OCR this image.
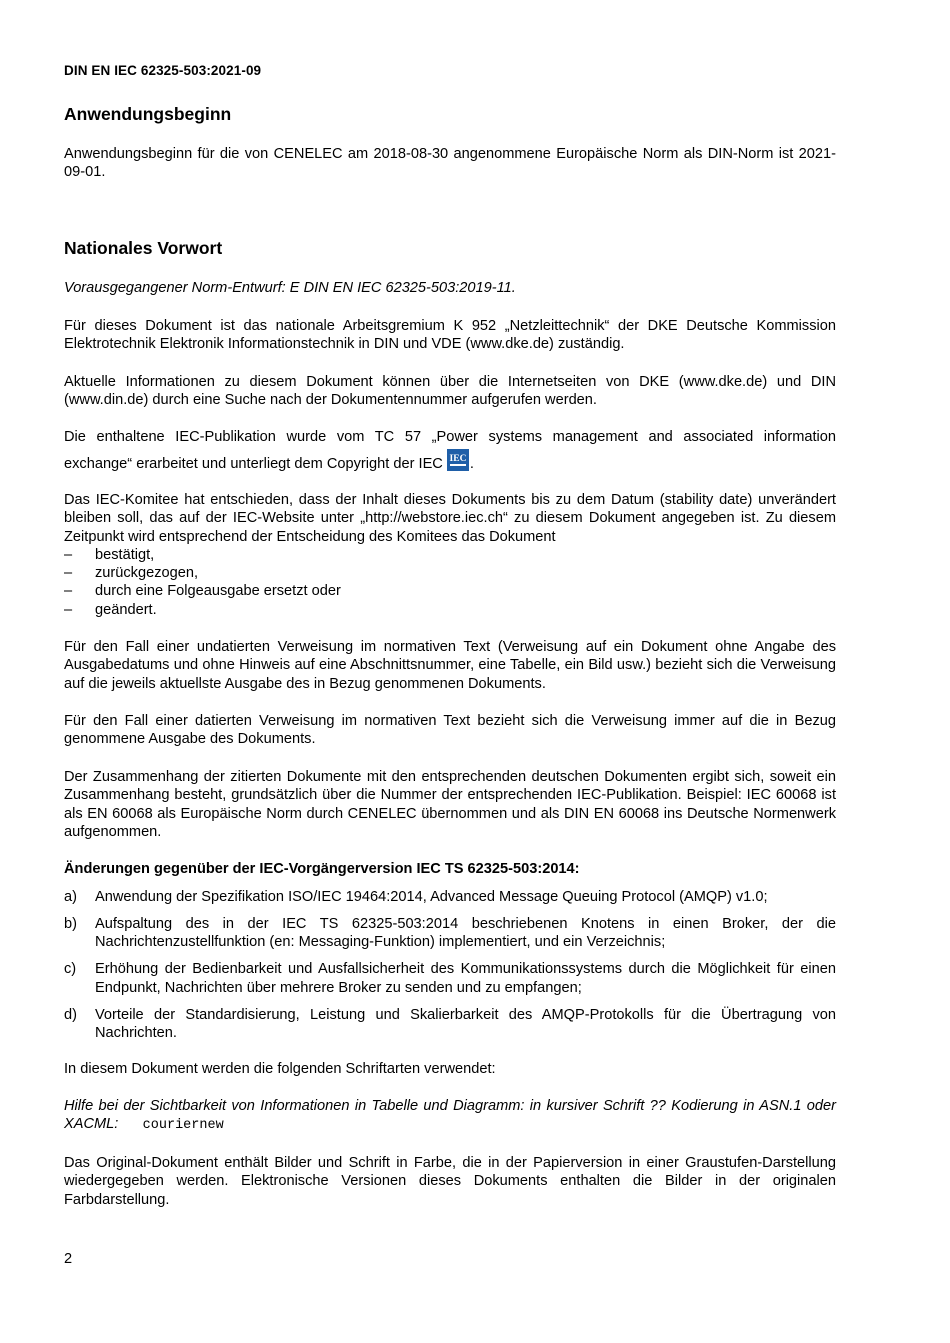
DIN EN IEC 62325-503:2021-09
Anwendungsbeginn

Anwendungsbeginn für die von CENELEC am 2018-08-30 angenommene Europäische Norm als DIN-Norm ist 2021-09-01.

Nationales Vorwort

Vorausgegangener Norm-Entwurf: E DIN EN IEC 62325-503:2019-11.

Für dieses Dokument ist das nationale Arbeitsgremium K 952 „Netzleittechnik“ der DKE Deutsche Kommission Elektrotechnik Elektronik Informationstechnik in DIN und VDE (www.dke.de) zuständig.

Aktuelle Informationen zu diesem Dokument können über die Internetseiten von DKE (www.dke.de) und DIN (www.din.de) durch eine Suche nach der Dokumentennummer aufgerufen werden.

Die enthaltene IEC-Publikation wurde vom TC 57 „Power systems management and associated information

exchange“ erarbeitet und unterliegt dem Copyright der IEC IEC .

Das IEC-Komitee hat entschieden, dass der Inhalt dieses Dokuments bis zu dem Datum (stability date) unverändert bleiben soll, das auf der IEC-Website unter „http://webstore.iec.ch“ zu diesem Dokument angegeben ist. Zu diesem Zeitpunkt wird entsprechend der Entscheidung des Komitees das Dokument

– bestätigt,
– zurückgezogen,
– durch eine Folgeausgabe ersetzt oder
– geändert.

Für den Fall einer undatierten Verweisung im normativen Text (Verweisung auf ein Dokument ohne Angabe des Ausgabedatums und ohne Hinweis auf eine Abschnittsnummer, eine Tabelle, ein Bild usw.) bezieht sich die Verweisung auf die jeweils aktuellste Ausgabe des in Bezug genommenen Dokuments.

Für den Fall einer datierten Verweisung im normativen Text bezieht sich die Verweisung immer auf die in Bezug genommene Ausgabe des Dokuments.

Der Zusammenhang der zitierten Dokumente mit den entsprechenden deutschen Dokumenten ergibt sich, soweit ein Zusammenhang besteht, grundsätzlich über die Nummer der entsprechenden IEC-Publikation. Beispiel: IEC 60068 ist als EN 60068 als Europäische Norm durch CENELEC übernommen und als DIN EN 60068 ins Deutsche Normenwerk aufgenommen.

Änderungen gegenüber der IEC-Vorgängerversion IEC TS 62325-503:2014:
a) Anwendung der Spezifikation ISO/IEC 19464:2014, Advanced Message Queuing Protocol (AMQP) v1.0;
b) Aufspaltung des in der IEC TS 62325-503:2014 beschriebenen Knotens in einen Broker, der die Nachrichtenzustellfunktion (en: Messaging-Funktion) implementiert, und ein Verzeichnis;
c) Erhöhung der Bedienbarkeit und Ausfallsicherheit des Kommunikationssystems durch die Möglichkeit für einen Endpunkt, Nachrichten über mehrere Broker zu senden und zu empfangen;
d) Vorteile der Standardisierung, Leistung und Skalierbarkeit des AMQP-Protokolls für die Übertragung von Nachrichten.

In diesem Dokument werden die folgenden Schriftarten verwendet:

Hilfe bei der Sichtbarkeit von Informationen in Tabelle und Diagramm: in kursiver Schrift ?? Kodierung in ASN.1 oder XACML: couriernew

Das Original-Dokument enthält Bilder und Schrift in Farbe, die in der Papierversion in einer Graustufen-Darstellung wiedergegeben werden. Elektronische Versionen dieses Dokuments enthalten die Bilder in der originalen Farbdarstellung.

2
